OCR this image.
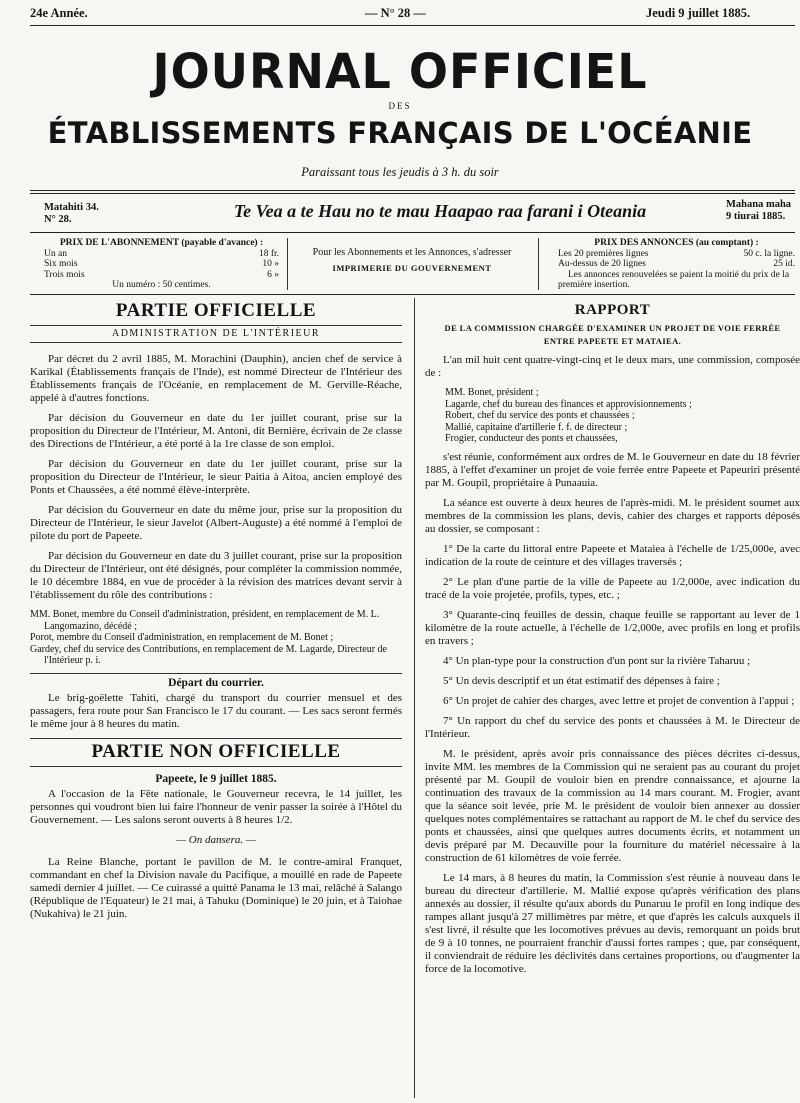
24e Année.	— N° 28 —	Jeudi 9 juillet 1885.
JOURNAL OFFICIEL
DES
ÉTABLISSEMENTS FRANÇAIS DE L'OCÉANIE
Paraissant tous les jeudis à 3 h. du soir
Matahiti 34.
N° 28.	Te Vea a te Hau no te mau Haapao raa farani i Oteania	Mahana maha
9 tiurai 1885.
PRIX DE L'ABONNEMENT (payable d'avance) :
Un an	18 fr.
Six mois	10 »
Trois mois	6 »
Un numéro : 50 centimes.
Pour les Abonnements et les Annonces, s'adresser
IMPRIMERIE DU GOUVERNEMENT
PRIX DES ANNONCES (au comptant) :
Les 20 premières lignes	50 c. la ligne.
Au-dessus de 20 lignes	25 id.
Les annonces renouvelées se paient la moitié du prix de la première insertion.
PARTIE OFFICIELLE
ADMINISTRATION DE L'INTÉRIEUR

Par décret du 2 avril 1885, M. Morachini (Dauphin), ancien chef de service à Karikal (Établissements français de l'Inde), est nommé Directeur de l'Intérieur des Établissements français de l'Océanie, en remplacement de M. Gerville-Réache, appelé à d'autres fonctions.

Par décision du Gouverneur en date du 1er juillet courant, prise sur la proposition du Directeur de l'Intérieur, M. Antoni, dit Bernière, écrivain de 2e classe des Directions de l'Intérieur, a été porté à la 1re classe de son emploi.

Par décision du Gouverneur en date du 1er juillet courant, prise sur la proposition du Directeur de l'Intérieur, le sieur Paitia à Aitoa, ancien employé des Ponts et Chaussées, a été nommé élève-interprète.

Par décision du Gouverneur en date du même jour, prise sur la proposition du Directeur de l'Intérieur, le sieur Javelot (Albert-Auguste) a été nommé à l'emploi de pilote du port de Papeete.

Par décision du Gouverneur en date du 3 juillet courant, prise sur la proposition du Directeur de l'Intérieur, ont été désignés, pour compléter la commission nommée, le 10 décembre 1884, en vue de procéder à la révision des matrices devant servir à l'établissement du rôle des contributions :

MM. Bonet, membre du Conseil d'administration, président, en remplacement de M. L. Langomazino, décédé ;
Porot, membre du Conseil d'administration, en remplacement de M. Bonet ;
Gardey, chef du service des Contributions, en remplacement de M. Lagarde, Directeur de l'Intérieur p. i.
Départ du courrier.

Le brig-goëlette Tahiti, chargé du transport du courrier mensuel et des passagers, fera route pour San Francisco le 17 du courant. — Les sacs seront fermés le même jour à 8 heures du matin.

PARTIE NON OFFICIELLE
Papeete, le 9 juillet 1885.

A l'occasion de la Fête nationale, le Gouverneur recevra, le 14 juillet, les personnes qui voudront bien lui faire l'honneur de venir passer la soirée à l'Hôtel du Gouvernement. — Les salons seront ouverts à 8 heures 1/2.

— On dansera. —

La Reine Blanche, portant le pavillon de M. le contre-amiral Franquet, commandant en chef la Division navale du Pacifique, a mouillé en rade de Papeete samedi dernier 4 juillet. — Ce cuirassé a quitté Panama le 13 mai, relâché à Salango (République de l'Equateur) le 21 mai, à Tahuku (Dominique) le 20 juin, et à Taiohae (Nukahiva) le 21 juin.

RAPPORT
DE LA COMMISSION CHARGÉE D'EXAMINER UN PROJET DE VOIE FERRÉE
ENTRE PAPEETE ET MATAIEA.

L'an mil huit cent quatre-vingt-cinq et le deux mars, une commission, composée de :

MM. Bonet, président ;
Lagarde, chef du bureau des finances et approvisionnements ;
Robert, chef du service des ponts et chaussées ;
Mallié, capitaine d'artillerie f. f. de directeur ;
Frogier, conducteur des ponts et chaussées,

s'est réunie, conformément aux ordres de M. le Gouverneur en date du 18 février 1885, à l'effet d'examiner un projet de voie ferrée entre Papeete et Papeuriri présenté par M. Goupil, propriétaire à Punaauia.

La séance est ouverte à deux heures de l'après-midi. M. le président soumet aux membres de la commission les plans, devis, cahier des charges et rapports déposés au dossier, se composant :

1° De la carte du littoral entre Papeete et Mataiea à l'échelle de 1/25,000e, avec indication de la route de ceinture et des villages traversés ;
2° Le plan d'une partie de la ville de Papeete au 1/2,000e, avec indication du tracé de la voie projetée, profils, types, etc. ;
3° Quarante-cinq feuilles de dessin, chaque feuille se rapportant au lever de 1 kilomètre de la route actuelle, à l'échelle de 1/2,000e, avec profils en long et profils en travers ;
4° Un plan-type pour la construction d'un pont sur la rivière Taharuu ;
5° Un devis descriptif et un état estimatif des dépenses à faire ;
6° Un projet de cahier des charges, avec lettre et projet de convention à l'appui ;
7° Un rapport du chef du service des ponts et chaussées à M. le Directeur de l'Intérieur.

M. le président, après avoir pris connaissance des pièces décrites ci-dessus, invite MM. les membres de la Commission qui ne seraient pas au courant du projet présenté par M. Goupil de vouloir bien en prendre connaissance, et ajourne la continuation des travaux de la commission au 14 mars courant. M. Frogier, avant que la séance soit levée, prie M. le président de vouloir bien annexer au dossier quelques notes complémentaires se rattachant au rapport de M. le chef du service des ponts et chaussées, ainsi que quelques autres documents écrits, et notamment un devis préparé par M. Decauville pour la fourniture du matériel nécessaire à la construction de 61 kilomètres de voie ferrée.

Le 14 mars, à 8 heures du matin, la Commission s'est réunie à nouveau dans le bureau du directeur d'artillerie. M. Mallié expose qu'après vérification des plans annexés au dossier, il résulte qu'aux abords du Punaruu le profil en long indique des rampes allant jusqu'à 27 millimètres par mètre, et que d'après les calculs auxquels il s'est livré, il résulte que les locomotives prévues au devis, remorquant un poids brut de 9 à 10 tonnes, ne pourraient franchir d'aussi fortes rampes ; que, par conséquent, il conviendrait de réduire les déclivités dans certaines proportions, ou d'augmenter la force de la locomotive.
